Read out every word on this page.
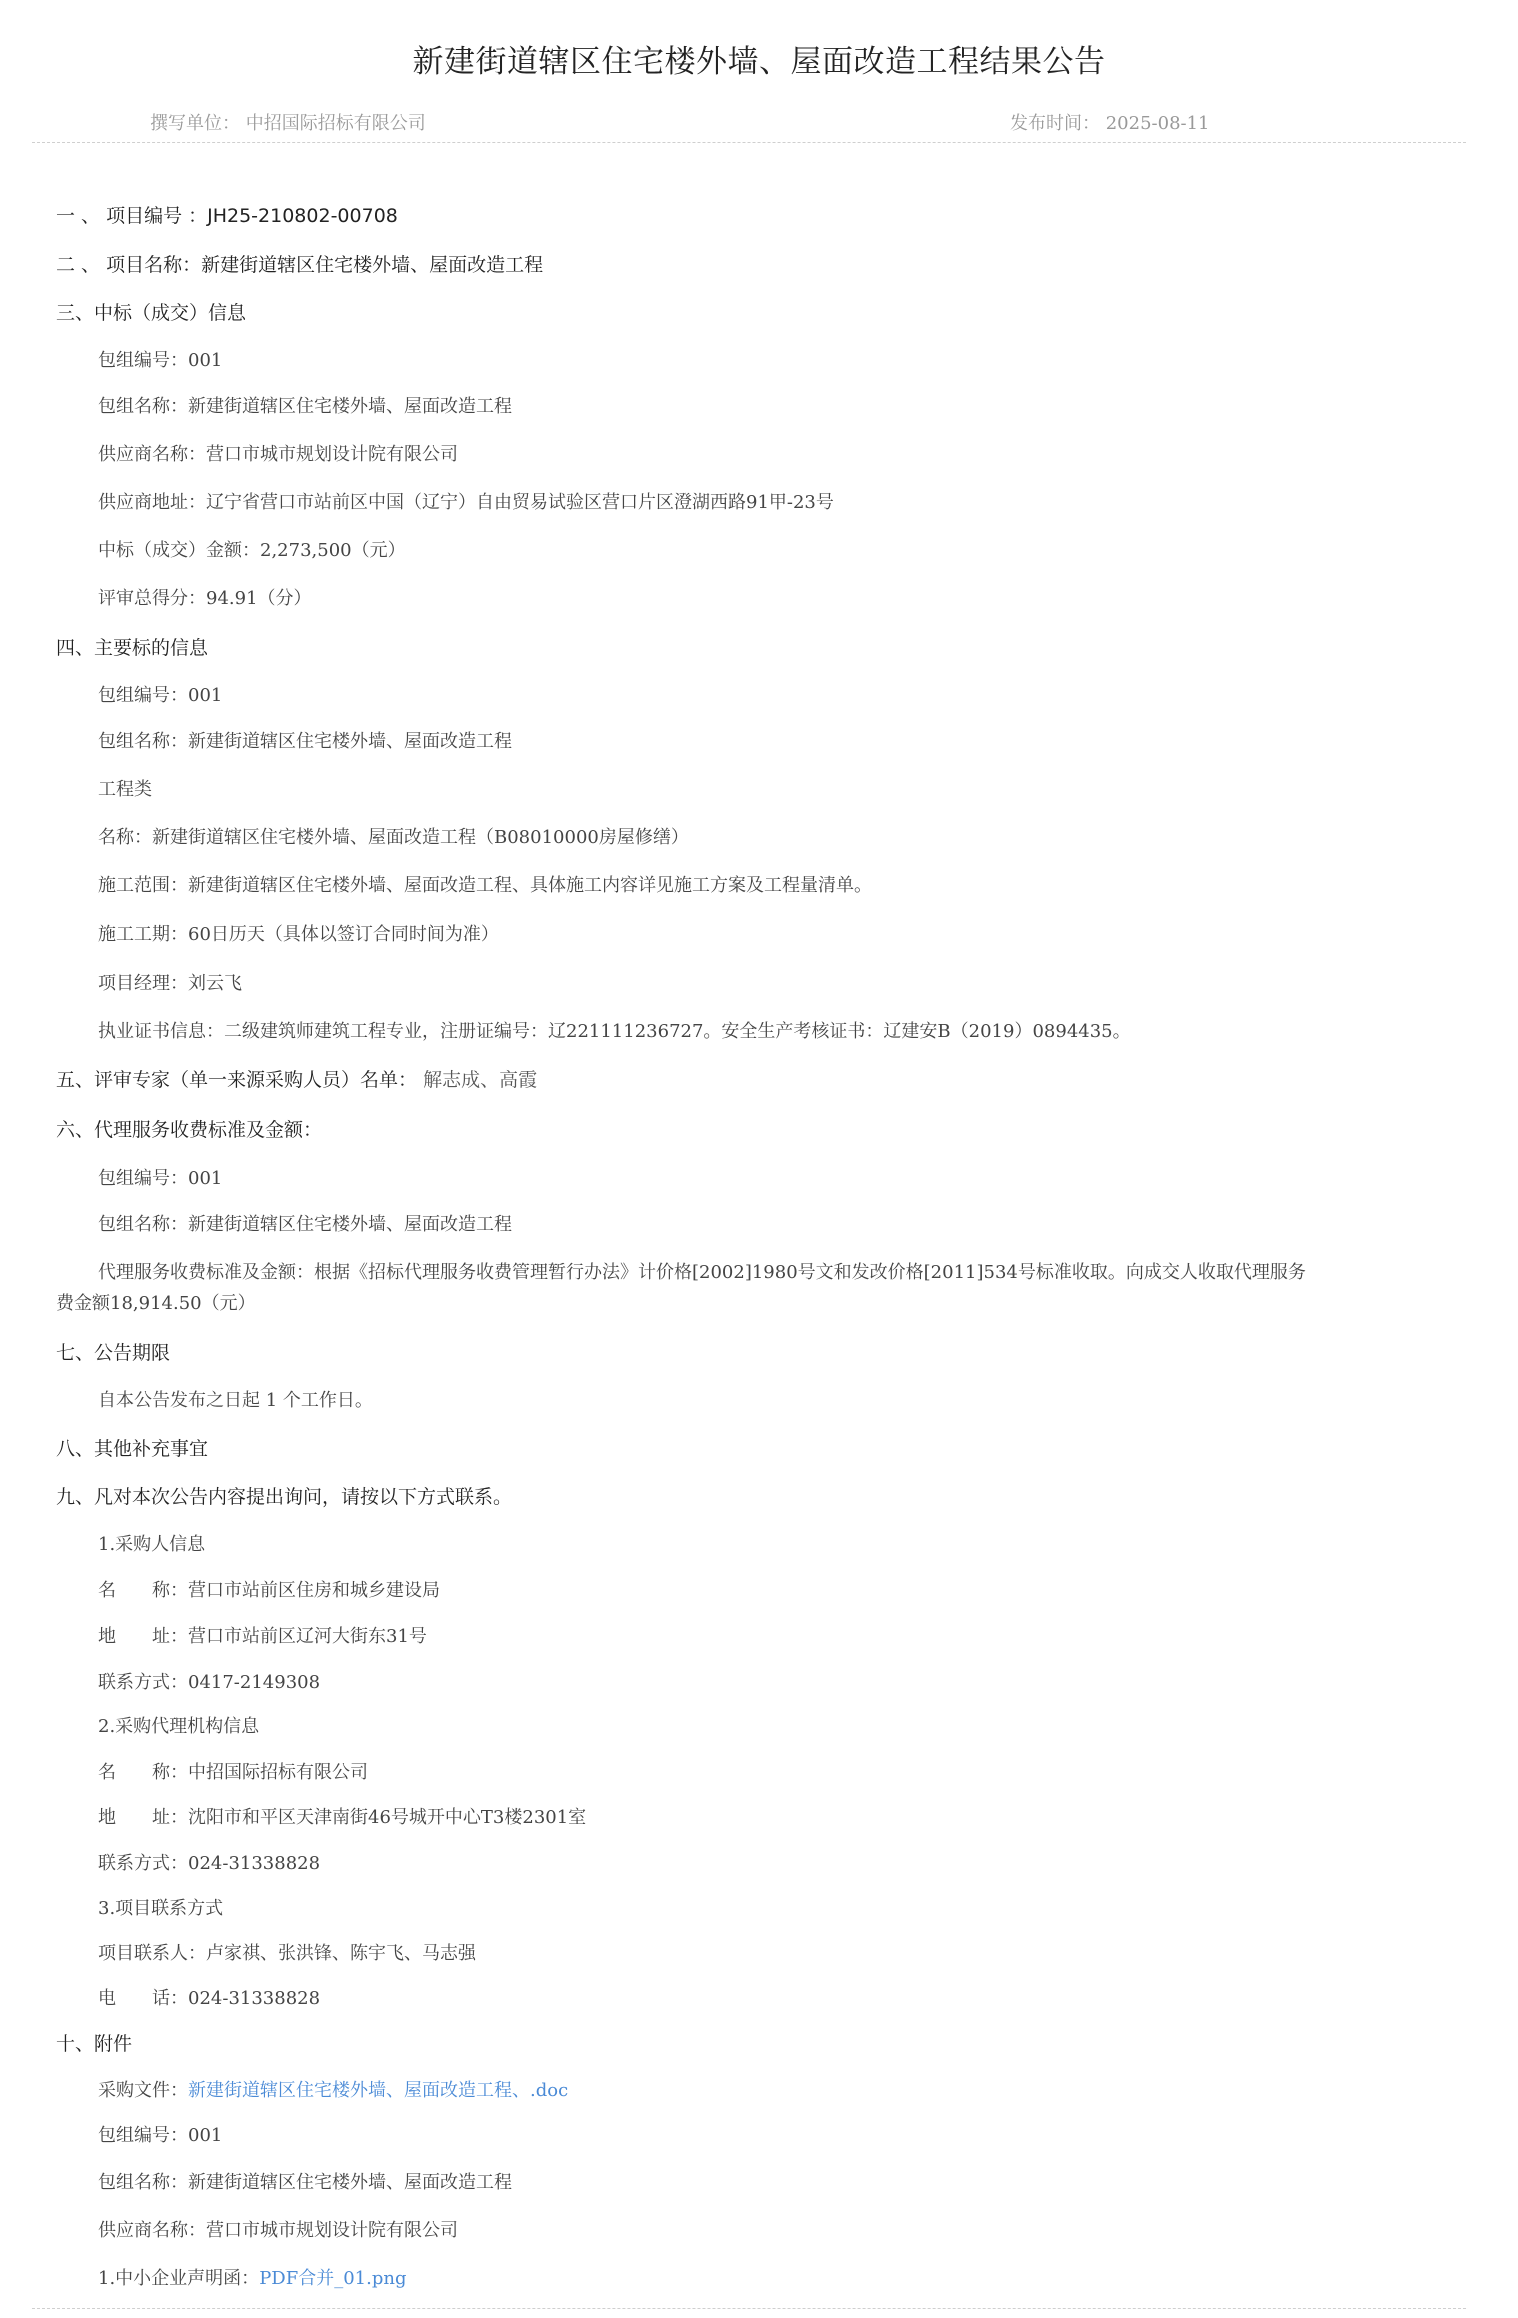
新建街道辖区住宅楼外墙、屋面改造工程结果公告
撰写单位： 中招国际招标有限公司	发布时间： 2025-08-11
一 、 项目编号 ：JH25-210802-00708
二 、 项目名称：新建街道辖区住宅楼外墙、屋面改造工程
三、中标（成交）信息
包组编号：001
包组名称：新建街道辖区住宅楼外墙、屋面改造工程
供应商名称：营口市城市规划设计院有限公司
供应商地址：辽宁省营口市站前区中国（辽宁）自由贸易试验区营口片区澄湖西路91甲-23号
中标（成交）金额：2,273,500（元）
评审总得分：94.91（分）
四、主要标的信息
包组编号：001
包组名称：新建街道辖区住宅楼外墙、屋面改造工程
工程类
名称：新建街道辖区住宅楼外墙、屋面改造工程（B08010000房屋修缮）
施工范围：新建街道辖区住宅楼外墙、屋面改造工程、具体施工内容详见施工方案及工程量清单。
施工工期：60日历天（具体以签订合同时间为准）
项目经理：刘云飞
执业证书信息：二级建筑师建筑工程专业，注册证编号：辽221111236727。安全生产考核证书：辽建安B（2019）0894435。
五、评审专家（单一来源采购人员）名单： 解志成、高霞
六、代理服务收费标准及金额：
包组编号：001
包组名称：新建街道辖区住宅楼外墙、屋面改造工程
代理服务收费标准及金额：根据《招标代理服务收费管理暂行办法》计价格[2002]1980号文和发改价格[2011]534号标准收取。向成交人收取代理服务
费金额18,914.50（元）
七、公告期限
自本公告发布之日起 1 个工作日。
八、其他补充事宜
九、凡对本次公告内容提出询问，请按以下方式联系。
1.采购人信息
名　　称：营口市站前区住房和城乡建设局
地　　址：营口市站前区辽河大街东31号
联系方式：0417-2149308
2.采购代理机构信息
名　　称：中招国际招标有限公司
地　　址：沈阳市和平区天津南街46号城开中心T3楼2301室
联系方式：024-31338828
3.项目联系方式
项目联系人：卢家祺、张洪锋、陈宇飞、马志强
电　　话：024-31338828
十、附件
采购文件：新建街道辖区住宅楼外墙、屋面改造工程、.doc
包组编号：001
包组名称：新建街道辖区住宅楼外墙、屋面改造工程
供应商名称：营口市城市规划设计院有限公司
1.中小企业声明函：PDF合并_01.png
